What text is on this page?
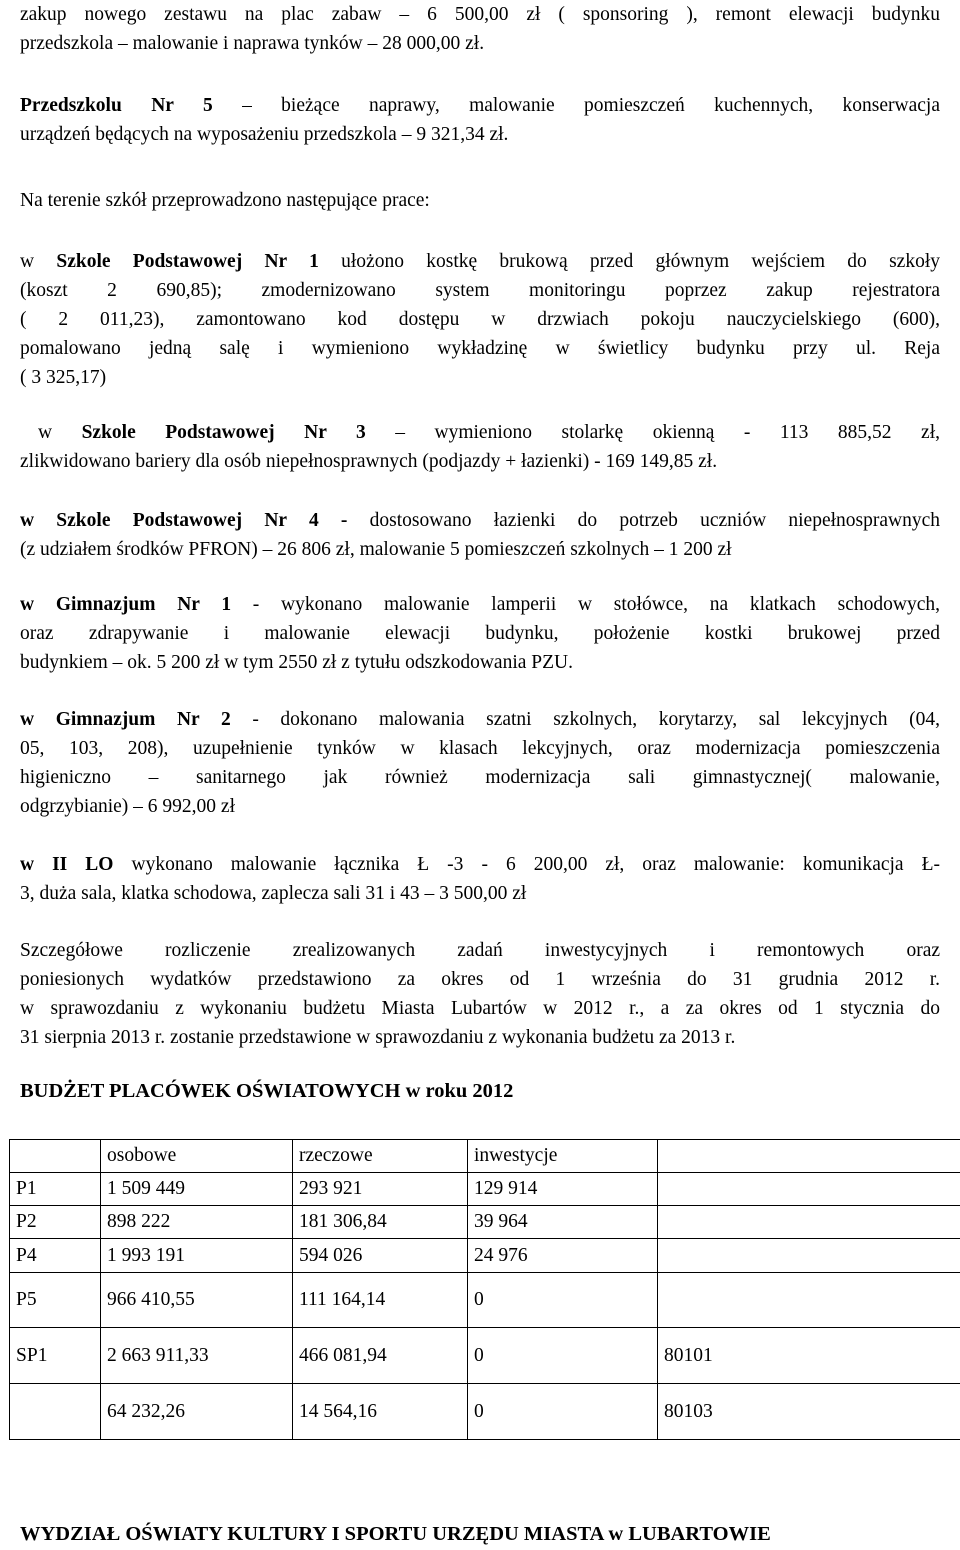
zakup nowego zestawu na plac zabaw – 6 500,00 zł ( sponsoring ), remont elewacji budynku
przedszkola – malowanie i naprawa tynków – 28 000,00 zł.

Przedszkolu Nr 5 – bieżące naprawy, malowanie pomieszczeń kuchennych, konserwacja
urządzeń będących na wyposażeniu przedszkola – 9 321,34 zł.

Na terenie szkół przeprowadzono następujące prace:

w Szkole Podstawowej Nr 1 ułożono kostkę brukową przed głównym wejściem do szkoły
(koszt 2 690,85); zmodernizowano system monitoringu poprzez zakup rejestratora
( 2 011,23), zamontowano kod dostępu w drzwiach pokoju nauczycielskiego (600),
pomalowano jedną salę i wymieniono wykładzinę w świetlicy budynku przy ul. Reja
( 3 325,17)

w Szkole Podstawowej Nr 3 – wymieniono stolarkę okienną - 113 885,52 zł,
zlikwidowano bariery dla osób niepełnosprawnych (podjazdy + łazienki) - 169 149,85 zł.

w Szkole Podstawowej Nr 4 - dostosowano łazienki do potrzeb uczniów niepełnosprawnych
(z udziałem środków PFRON) – 26 806 zł, malowanie 5 pomieszczeń szkolnych – 1 200 zł

w Gimnazjum Nr 1 - wykonano malowanie lamperii w stołówce, na klatkach schodowych,
oraz zdrapywanie i malowanie elewacji budynku, położenie kostki brukowej przed
budynkiem – ok. 5 200 zł w tym 2550 zł z tytułu odszkodowania PZU.

w Gimnazjum Nr 2 - dokonano malowania szatni szkolnych, korytarzy, sal lekcyjnych (04,
05, 103, 208), uzupełnienie tynków w klasach lekcyjnych, oraz modernizacja pomieszczenia
higieniczno – sanitarnego jak również modernizacja sali gimnastycznej( malowanie,
odgrzybianie) – 6 992,00 zł

w II LO wykonano malowanie łącznika Ł -3 - 6 200,00 zł, oraz malowanie: komunikacja Ł-
3, duża sala, klatka schodowa, zaplecza sali 31 i 43 – 3 500,00 zł

Szczegółowe rozliczenie zrealizowanych zadań inwestycyjnych i remontowych oraz
poniesionych wydatków przedstawiono za okres od 1 września do 31 grudnia 2012 r.
w sprawozdaniu z wykonaniu budżetu Miasta Lubartów w 2012 r., a za okres od 1 stycznia do
31 sierpnia 2013 r. zostanie przedstawione w sprawozdaniu z wykonania budżetu za 2013 r.

BUDŻET PLACÓWEK OŚWIATOWYCH w roku 2012
	osobowe	rzeczowe	inwestycje	
P1	1 509 449	293 921	129 914	
P2	898 222	181 306,84	39 964	
P4	1 993 191	594 026	24 976	
P5	966 410,55	111 164,14	0	
SP1	2 663 911,33	466 081,94	0	80101
	64 232,26	14 564,16	0	80103
WYDZIAŁ OŚWIATY KULTURY I SPORTU URZĘDU MIASTA w LUBARTOWIE
